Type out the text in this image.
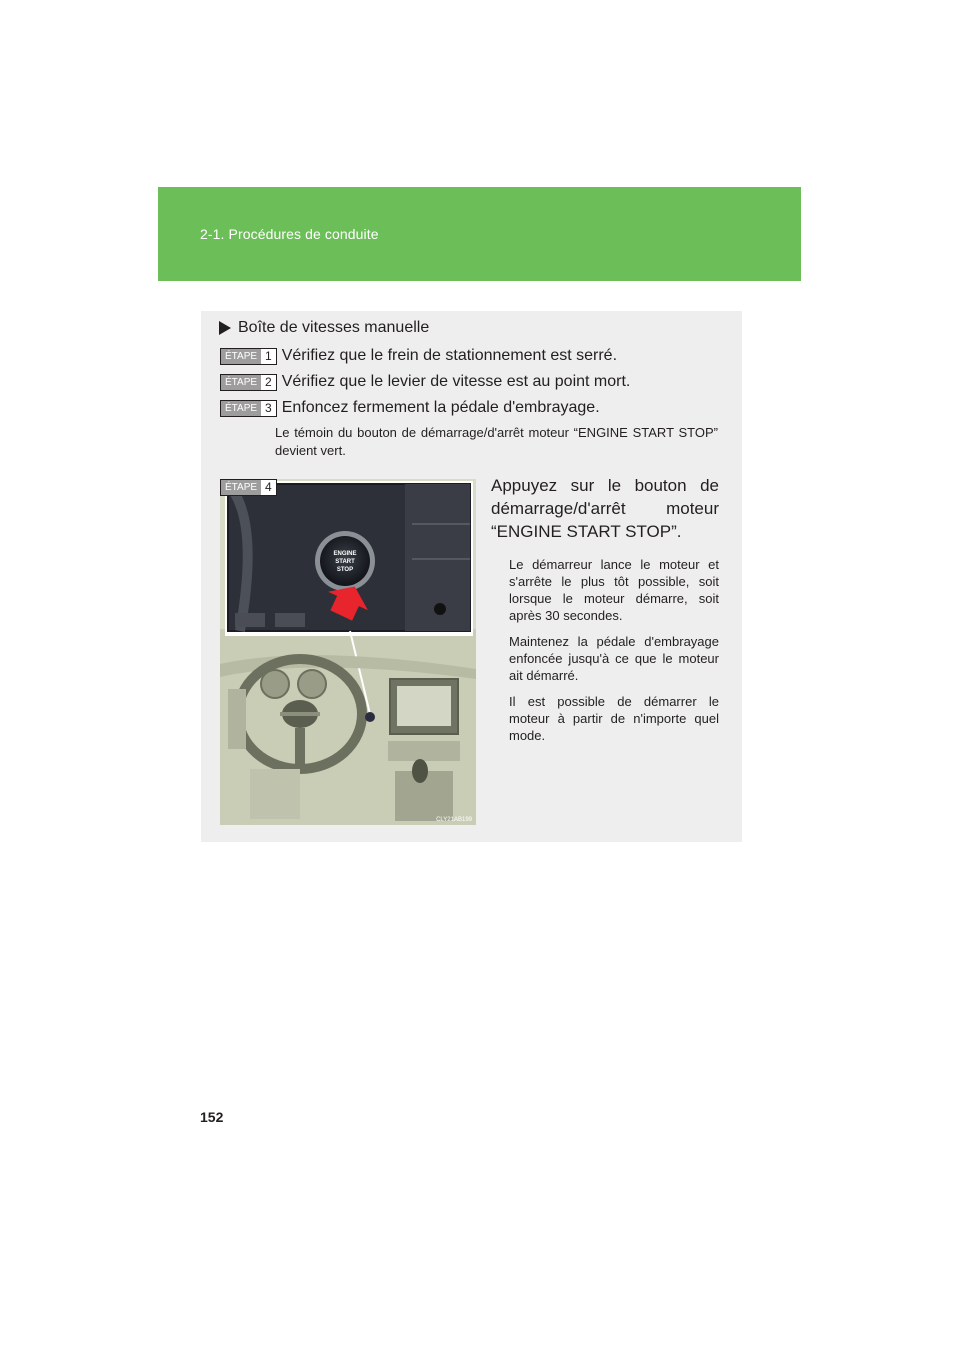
2-1. Procédures de conduite
Boîte de vitesses manuelle
ÉTAPE 1 Vérifiez que le frein de stationnement est serré.
ÉTAPE 2 Vérifiez que le levier de vitesse est au point mort.
ÉTAPE 3 Enfoncez fermement la pédale d'embrayage.
Le témoin du bouton de démarrage/d'arrêt moteur “ENGINE START STOP” devient vert.
ENGINE
START
STOP
CLY21AB199
ÉTAPE 4	Appuyez sur le bouton de démarrage/d'arrêt moteur “ENGINE START STOP”.

Le démarreur lance le moteur et s'arrête le plus tôt possible, soit lorsque le moteur démarre, soit après 30 secondes.

Maintenez la pédale d'embrayage enfoncée jusqu'à ce que le moteur ait démarré.

Il est possible de démarrer le moteur à partir de n'importe quel mode.

152
